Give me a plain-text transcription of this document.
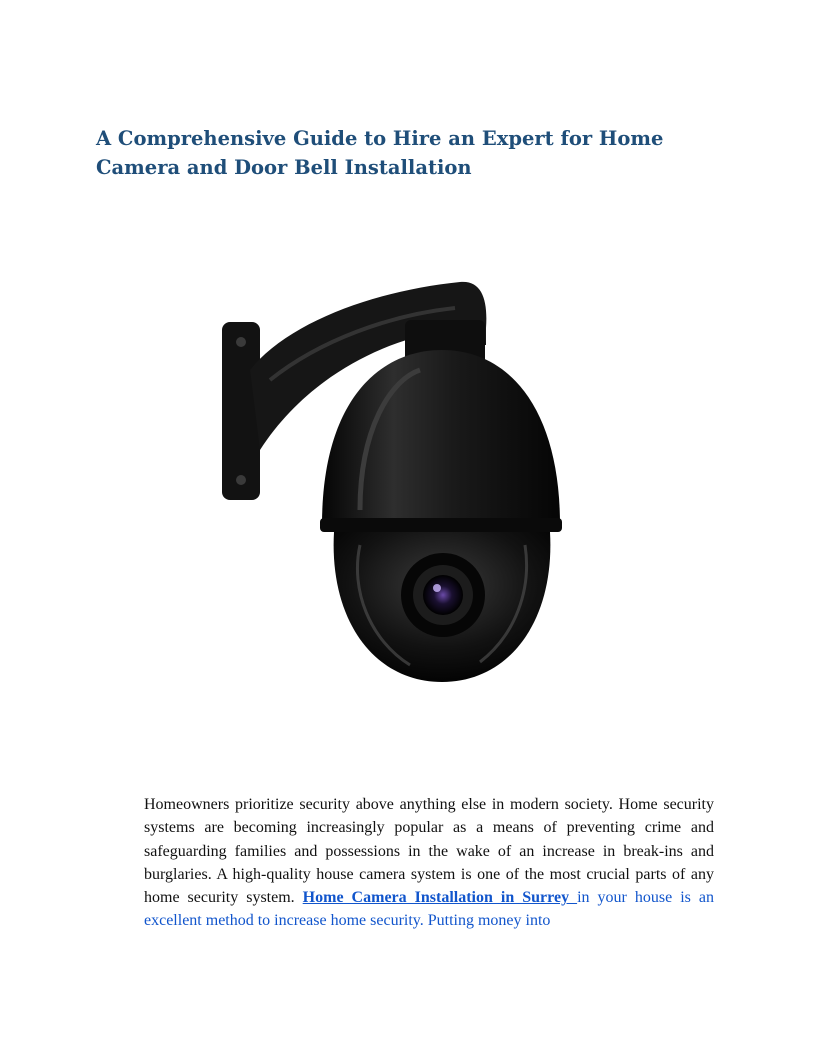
A Comprehensive Guide to Hire an Expert for Home Camera and Door Bell Installation

Homeowners prioritize security above anything else in modern society. Home security systems are becoming increasingly popular as a means of preventing crime and safeguarding families and possessions in the wake of an increase in break-ins and burglaries. A high-quality house camera system is one of the most crucial parts of any home security system. Home Camera Installation in Surrey in your house is an excellent method to increase home security. Putting money into
